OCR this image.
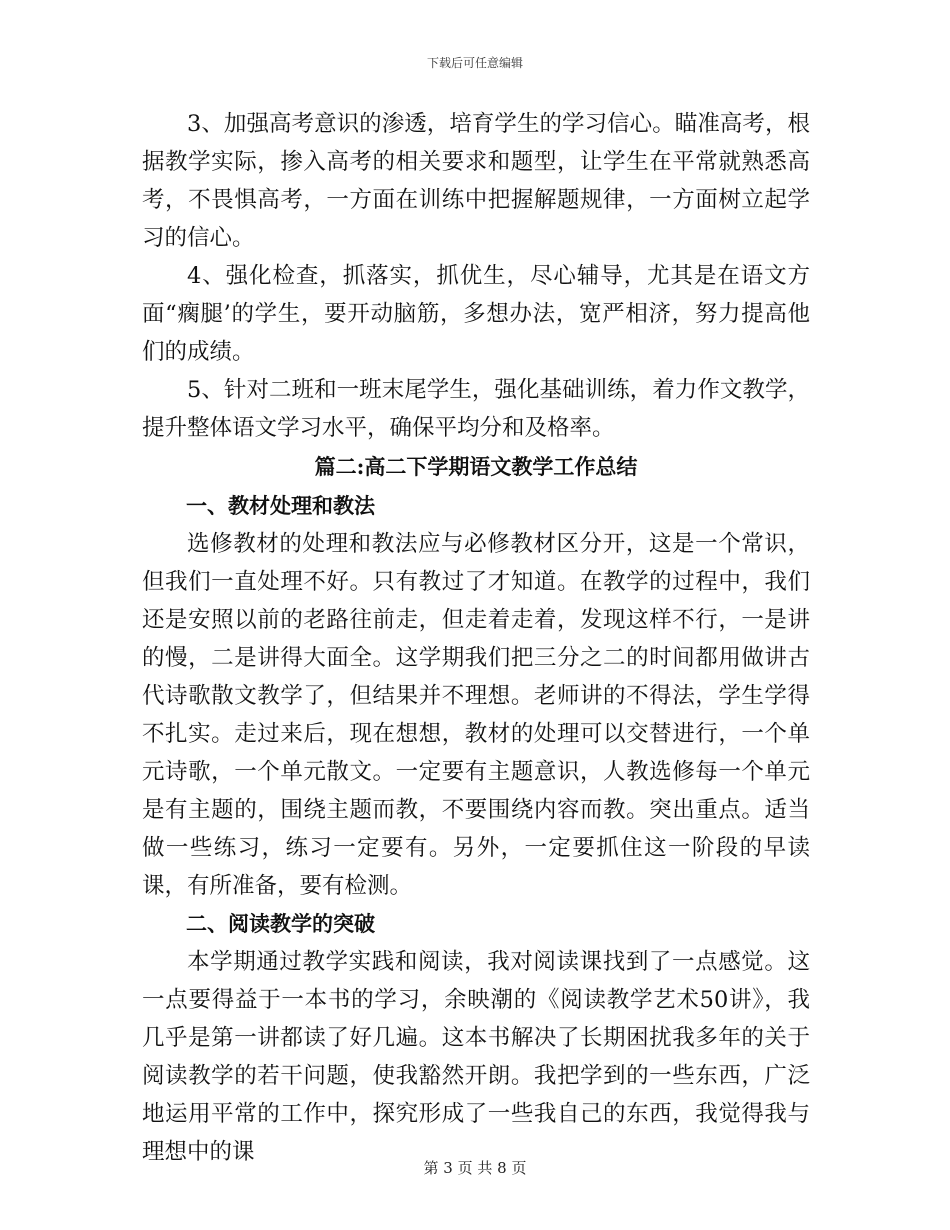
下载后可任意编辑

3、加强高考意识的渗透，培育学生的学习信心。瞄准高考，根据教学实际，掺入高考的相关要求和题型，让学生在平常就熟悉高考，不畏惧高考，一方面在训练中把握解题规律，一方面树立起学习的信心。

4、强化检查，抓落实，抓优生，尽心辅导，尤其是在语文方面“瘸腿’的学生，要开动脑筋，多想办法，宽严相济，努力提高他们的成绩。

5、针对二班和一班末尾学生，强化基础训练，着力作文教学，提升整体语文学习水平，确保平均分和及格率。

篇二:高二下学期语文教学工作总结

一、教材处理和教法

选修教材的处理和教法应与必修教材区分开，这是一个常识，但我们一直处理不好。只有教过了才知道。在教学的过程中，我们还是安照以前的老路往前走，但走着走着，发现这样不行，一是讲的慢，二是讲得大面全。这学期我们把三分之二的时间都用做讲古代诗歌散文教学了，但结果并不理想。老师讲的不得法，学生学得不扎实。走过来后，现在想想，教材的处理可以交替进行，一个单元诗歌，一个单元散文。一定要有主题意识，人教选修每一个单元是有主题的，围绕主题而教，不要围绕内容而教。突出重点。适当做一些练习，练习一定要有。另外，一定要抓住这一阶段的早读课，有所准备，要有检测。

二、阅读教学的突破

本学期通过教学实践和阅读，我对阅读课找到了一点感觉。这一点要得益于一本书的学习，余映潮的《阅读教学艺术50讲》，我几乎是第一讲都读了好几遍。这本书解决了长期困扰我多年的关于阅读教学的若干问题，使我豁然开朗。我把学到的一些东西，广泛地运用平常的工作中，探究形成了一些我自己的东西，我觉得我与理想中的课

第 3 页 共 8 页
